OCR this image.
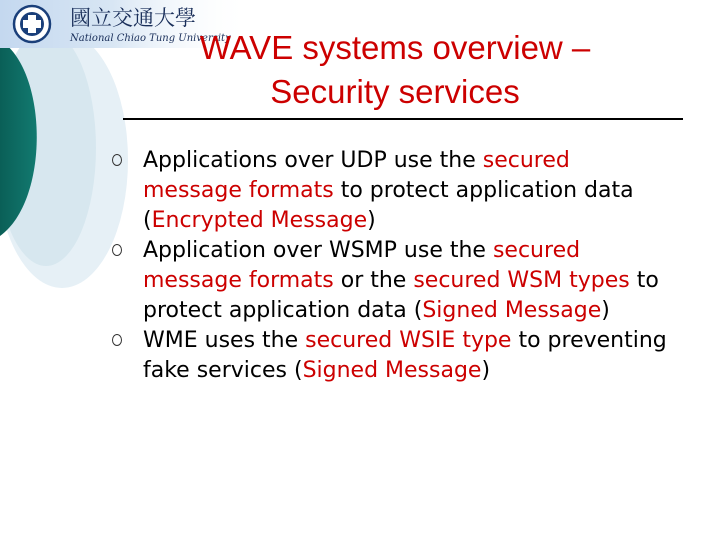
國立交通大學
National Chiao Tung University
WAVE systems overview –
Security services
Applications over UDP use the secured message formats to protect application data (Encrypted Message)
Application over WSMP use the secured message formats or the secured WSM types to protect application data (Signed Message)
WME uses the secured WSIE type to preventing fake services (Signed Message)
